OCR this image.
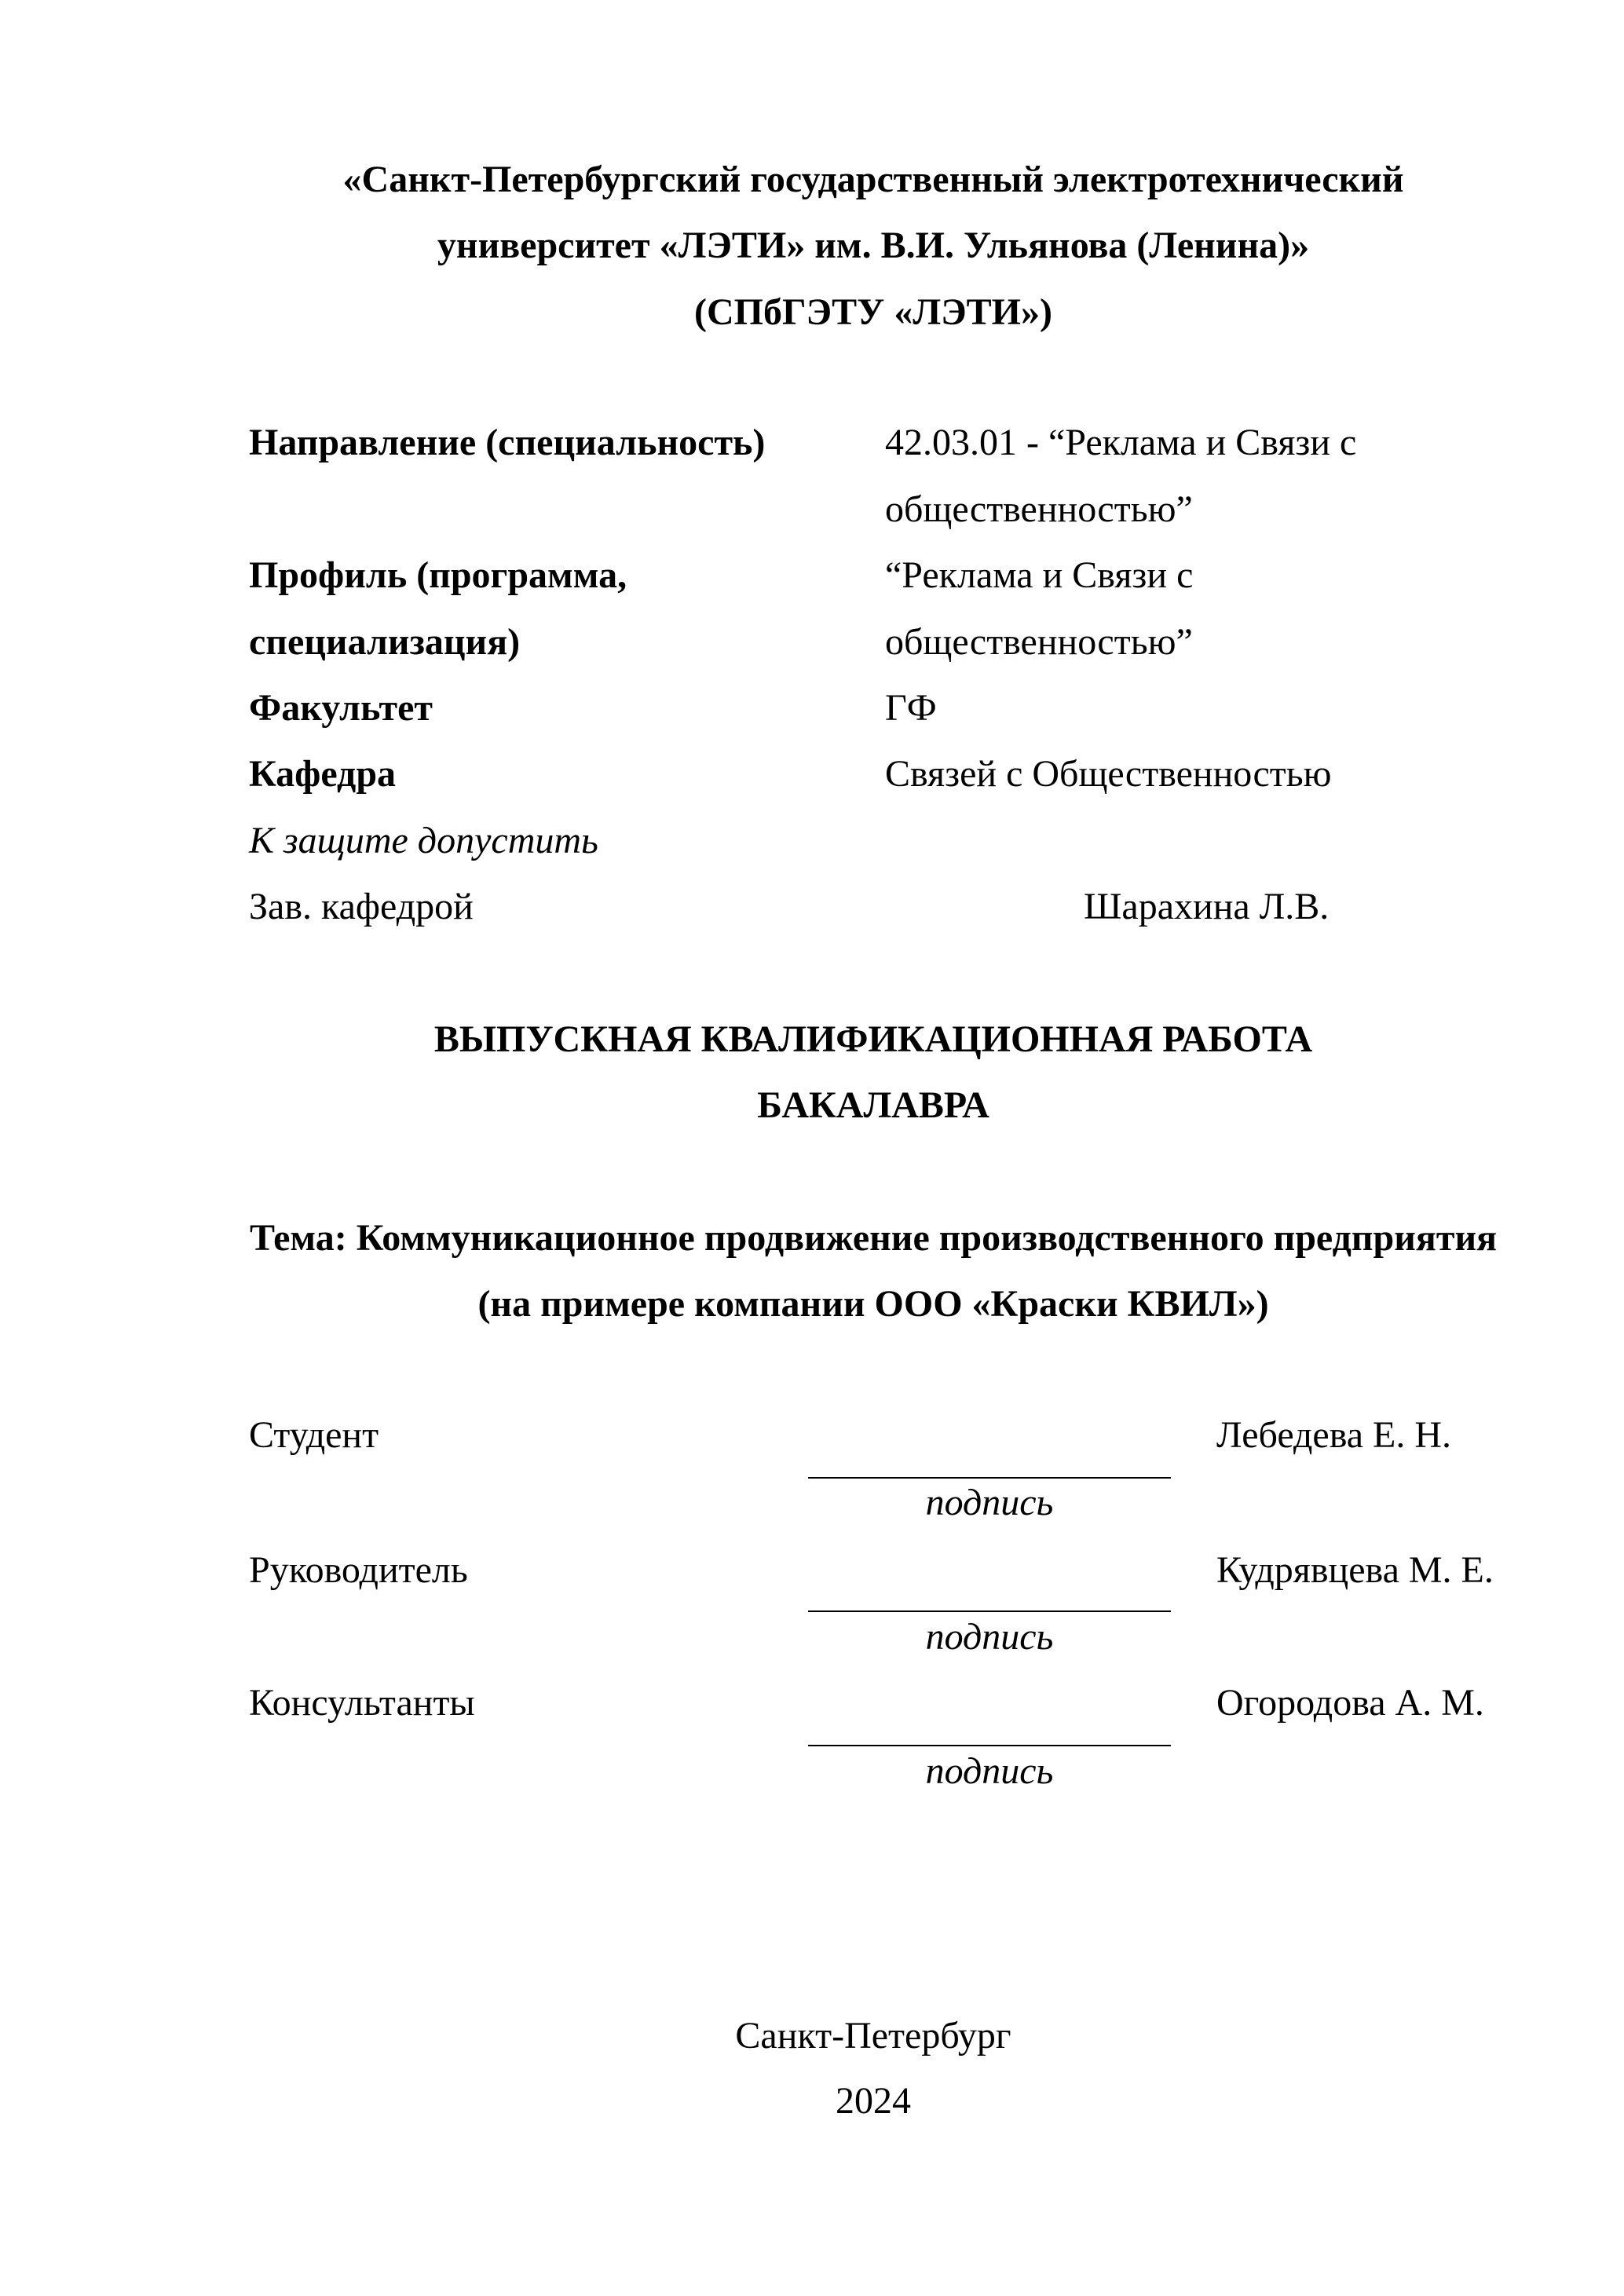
«Санкт-Петербургский государственный электротехнический
университет «ЛЭТИ» им. В.И. Ульянова (Ленина)»
(СПбГЭТУ «ЛЭТИ»)
Направление (специальность)	42.03.01 - “Реклама и Связи с
общественностью”
Профиль (программа,	“Реклама и Связи с
специализация)	общественностью”
Факультет	ГФ
Кафедра	Связей с Общественностью
К защите допустить
Зав. кафедрой	Шарахина Л.В.
ВЫПУСКНАЯ КВАЛИФИКАЦИОННАЯ РАБОТА
БАКАЛАВРА
Тема: Коммуникационное продвижение производственного предприятия
(на примере компании ООО «Краски КВИЛ»)
Студент	Лебедева Е. Н.
подпись
Руководитель	Кудрявцева М. Е.
подпись
Консультанты	Огородова А. М.
подпись
Санкт-Петербург
2024
